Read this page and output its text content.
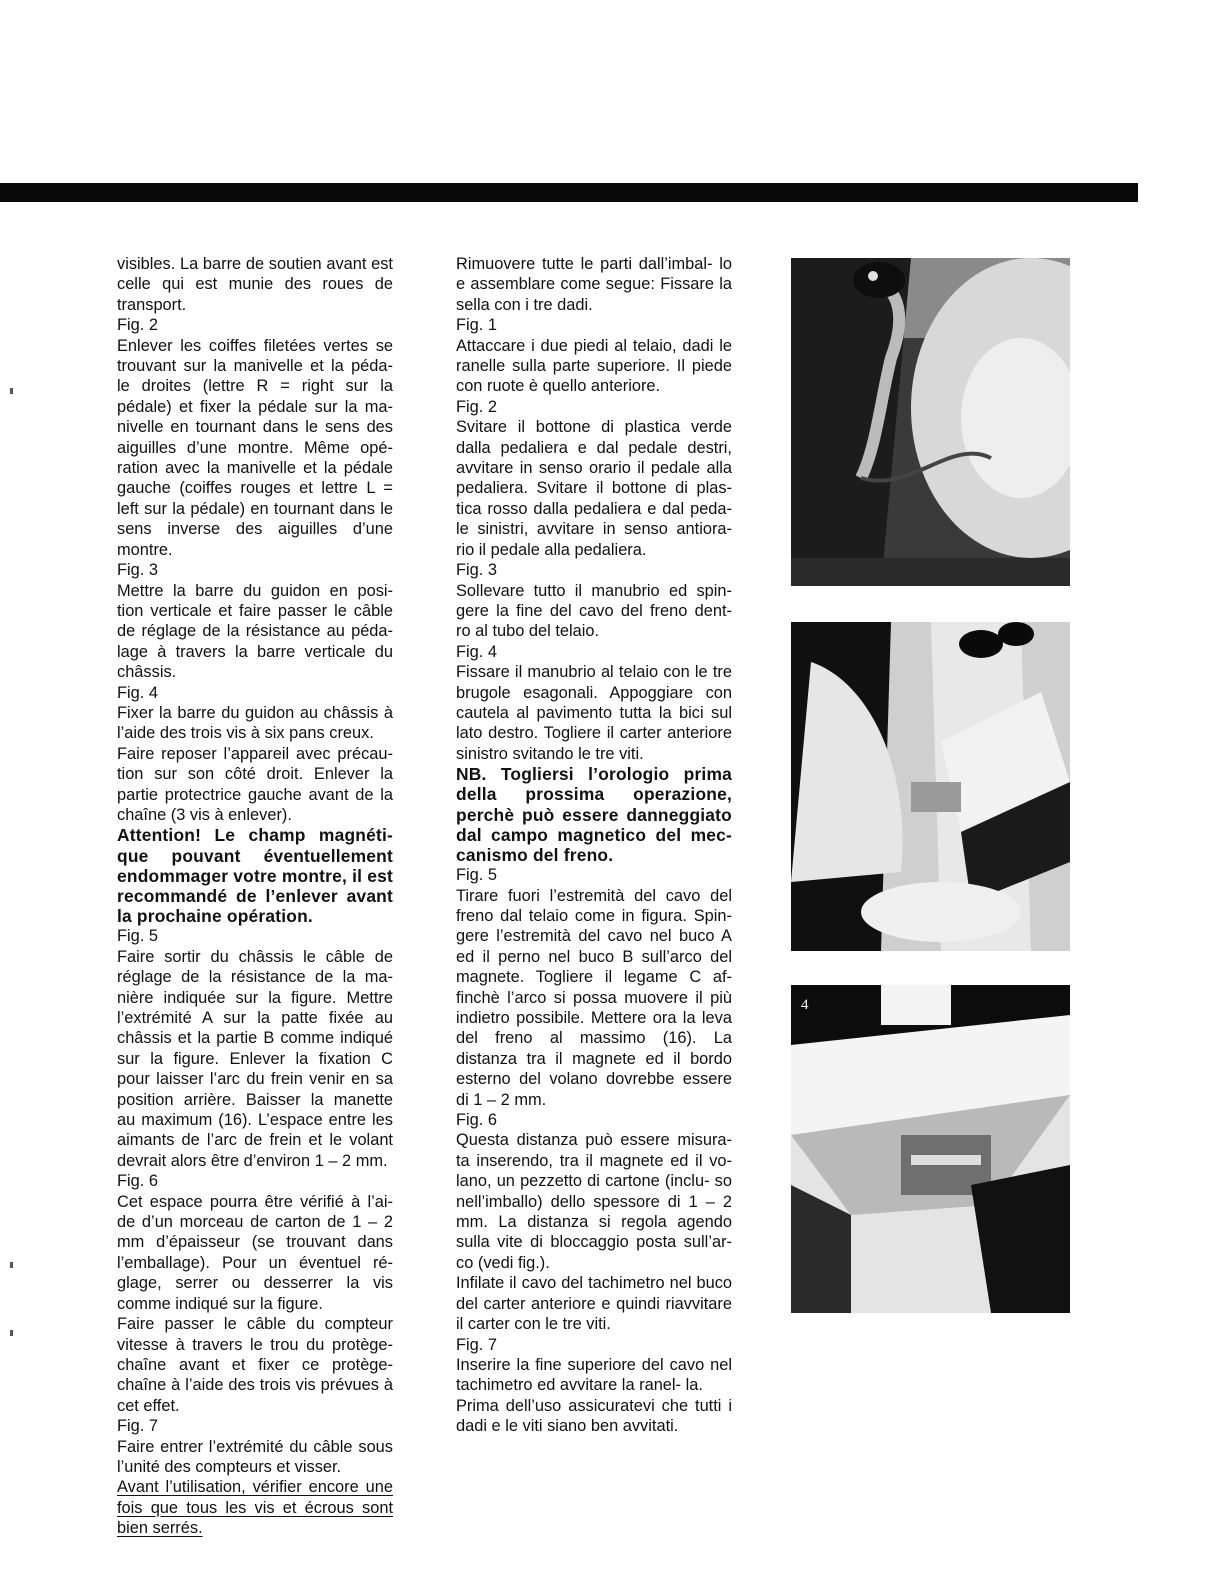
visibles. La barre de soutien avant est celle qui est munie des roues de transport.

Fig. 2

Enlever les coiffes filetées vertes se trouvant sur la manivelle et la péda- le droites (lettre R = right sur la pédale) et fixer la pédale sur la ma- nivelle en tournant dans le sens des aiguilles d’une montre. Même opé- ration avec la manivelle et la pédale gauche (coiffes rouges et lettre L = left sur la pédale) en tournant dans le sens inverse des aiguilles d’une montre.

Fig. 3

Mettre la barre du guidon en posi- tion verticale et faire passer le câble de réglage de la résistance au péda- lage à travers la barre verticale du châssis.

Fig. 4

Fixer la barre du guidon au châssis à l’aide des trois vis à six pans creux.

Faire reposer l’appareil avec précau- tion sur son côté droit. Enlever la partie protectrice gauche avant de la chaîne (3 vis à enlever).

Attention! Le champ magnéti- que pouvant éventuellement endommager votre montre, il est recommandé de l’enlever avant la prochaine opération.

Fig. 5

Faire sortir du châssis le câble de réglage de la résistance de la ma- nière indiquée sur la figure. Mettre l’extrémité A sur la patte fixée au châssis et la partie B comme indiqué sur la figure. Enlever la fixation C pour laisser l’arc du frein venir en sa position arrière. Baisser la manette au maximum (16). L’espace entre les aimants de l’arc de frein et le volant devrait alors être d’environ 1 – 2 mm.

Fig. 6

Cet espace pourra être vérifié à l’ai- de d’un morceau de carton de 1 – 2 mm d’épaisseur (se trouvant dans l’emballage). Pour un éventuel ré- glage, serrer ou desserrer la vis comme indiqué sur la figure.

Faire passer le câble du compteur vitesse à travers le trou du protège- chaîne avant et fixer ce protège- chaîne à l’aide des trois vis prévues à cet effet.

Fig. 7

Faire entrer l’extrémité du câble sous l’unité des compteurs et visser.

Avant l’utilisation, vérifier encore une fois que tous les vis et écrous sont bien serrés.

Rimuovere tutte le parti dall’imbal- lo e assemblare come segue: Fissare la sella con i tre dadi.

Fig. 1

Attaccare i due piedi al telaio, dadi le ranelle sulla parte superiore. Il piede con ruote è quello anteriore.

Fig. 2

Svitare il bottone di plastica verde dalla pedaliera e dal pedale destri, avvitare in senso orario il pedale alla pedaliera. Svitare il bottone di plas- tica rosso dalla pedaliera e dal peda- le sinistri, avvitare in senso antiora- rio il pedale alla pedaliera.

Fig. 3

Sollevare tutto il manubrio ed spin- gere la fine del cavo del freno dent- ro al tubo del telaio.

Fig. 4

Fissare il manubrio al telaio con le tre brugole esagonali. Appoggiare con cautela al pavimento tutta la bici sul lato destro. Togliere il carter anteriore sinistro svitando le tre viti.

NB. Togliersi l’orologio prima della prossima operazione, perchè può essere danneggiato dal campo magnetico del mec- canismo del freno.

Fig. 5

Tirare fuori l’estremità del cavo del freno dal telaio come in figura. Spin- gere l’estremità del cavo nel buco A ed il perno nel buco B sull’arco del magnete. Togliere il legame C af- finchè l’arco si possa muovere il più indietro possibile. Mettere ora la leva del freno al massimo (16). La distanza tra il magnete ed il bordo esterno del volano dovrebbe essere di 1 – 2 mm.

Fig. 6

Questa distanza può essere misura- ta inserendo, tra il magnete ed il vo- lano, un pezzetto di cartone (inclu- so nell’imballo) dello spessore di 1 – 2 mm. La distanza si regola agendo sulla vite di bloccaggio posta sull’ar- co (vedi fig.).

Infilate il cavo del tachimetro nel buco del carter anteriore e quindi riavvitare il carter con le tre viti.

Fig. 7

Inserire la fine superiore del cavo nel tachimetro ed avvitare la ranel- la.

Prima dell’uso assicuratevi che tutti i dadi e le viti siano ben avvitati.

2
4
